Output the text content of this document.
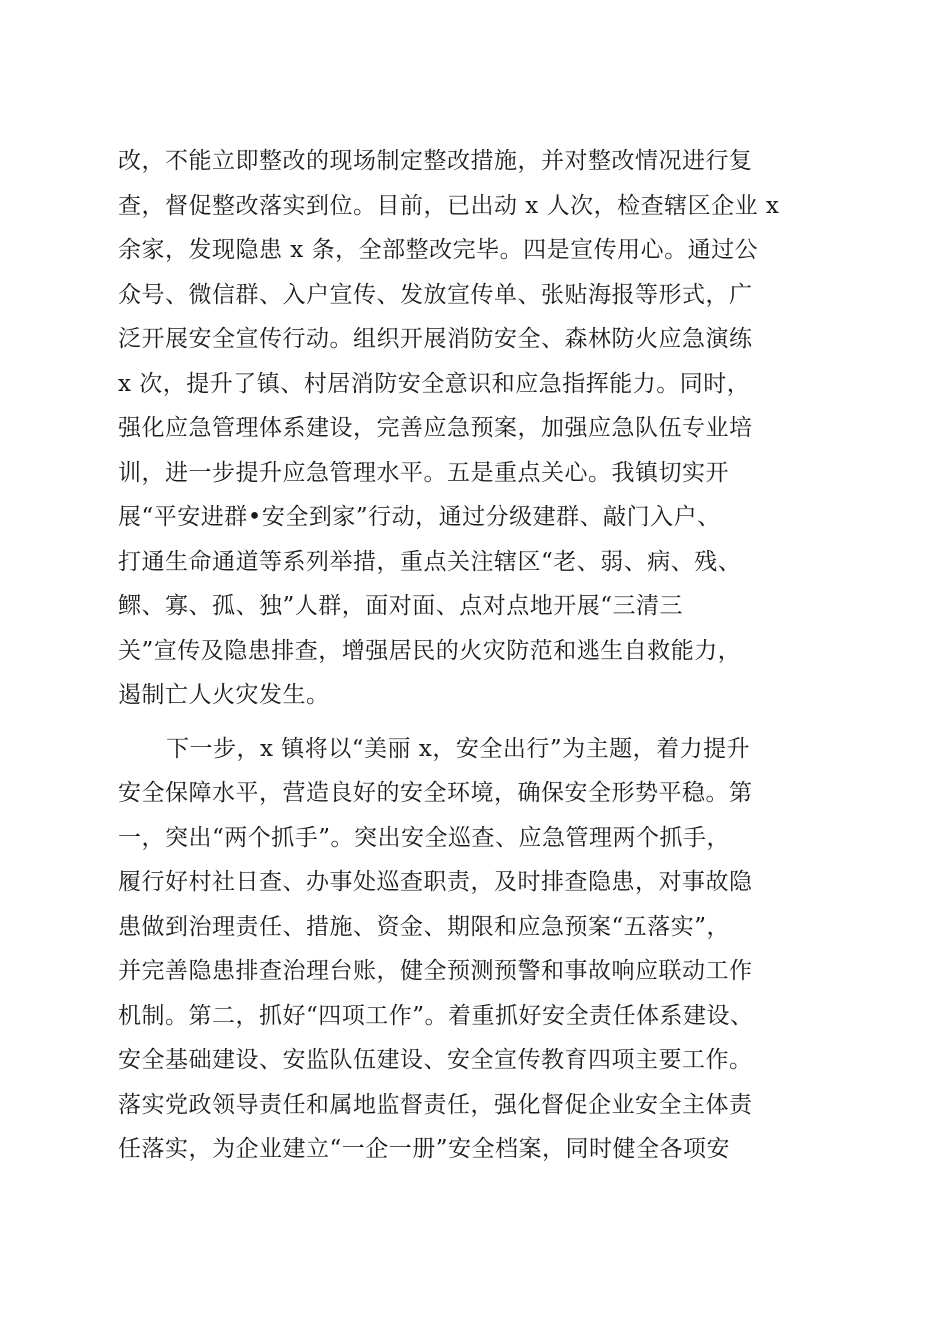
改，不能立即整改的现场制定整改措施，并对整改情况进行复
查，督促整改落实到位。目前，已出动 x 人次，检查辖区企业 x
余家，发现隐患 x 条，全部整改完毕。四是宣传用心。通过公
众号、微信群、入户宣传、发放宣传单、张贴海报等形式，广
泛开展安全宣传行动。组织开展消防安全、森林防火应急演练
x 次，提升了镇、村居消防安全意识和应急指挥能力。同时，
强化应急管理体系建设，完善应急预案，加强应急队伍专业培
训，进一步提升应急管理水平。五是重点关心。我镇切实开
展“平安进群•安全到家”行动，通过分级建群、敲门入户、
打通生命通道等系列举措，重点关注辖区“老、弱、病、残、
鳏、寡、孤、独”人群，面对面、点对点地开展“三清三
关”宣传及隐患排查，增强居民的火灾防范和逃生自救能力，
遏制亡人火灾发生。
下一步，x 镇将以“美丽 x，安全出行”为主题，着力提升
安全保障水平，营造良好的安全环境，确保安全形势平稳。第
一，突出“两个抓手”。突出安全巡查、应急管理两个抓手，
履行好村社日查、办事处巡查职责，及时排查隐患，对事故隐
患做到治理责任、措施、资金、期限和应急预案“五落实”，
并完善隐患排查治理台账，健全预测预警和事故响应联动工作
机制。第二，抓好“四项工作”。着重抓好安全责任体系建设、
安全基础建设、安监队伍建设、安全宣传教育四项主要工作。
落实党政领导责任和属地监督责任，强化督促企业安全主体责
任落实，为企业建立“一企一册”安全档案，同时健全各项安
